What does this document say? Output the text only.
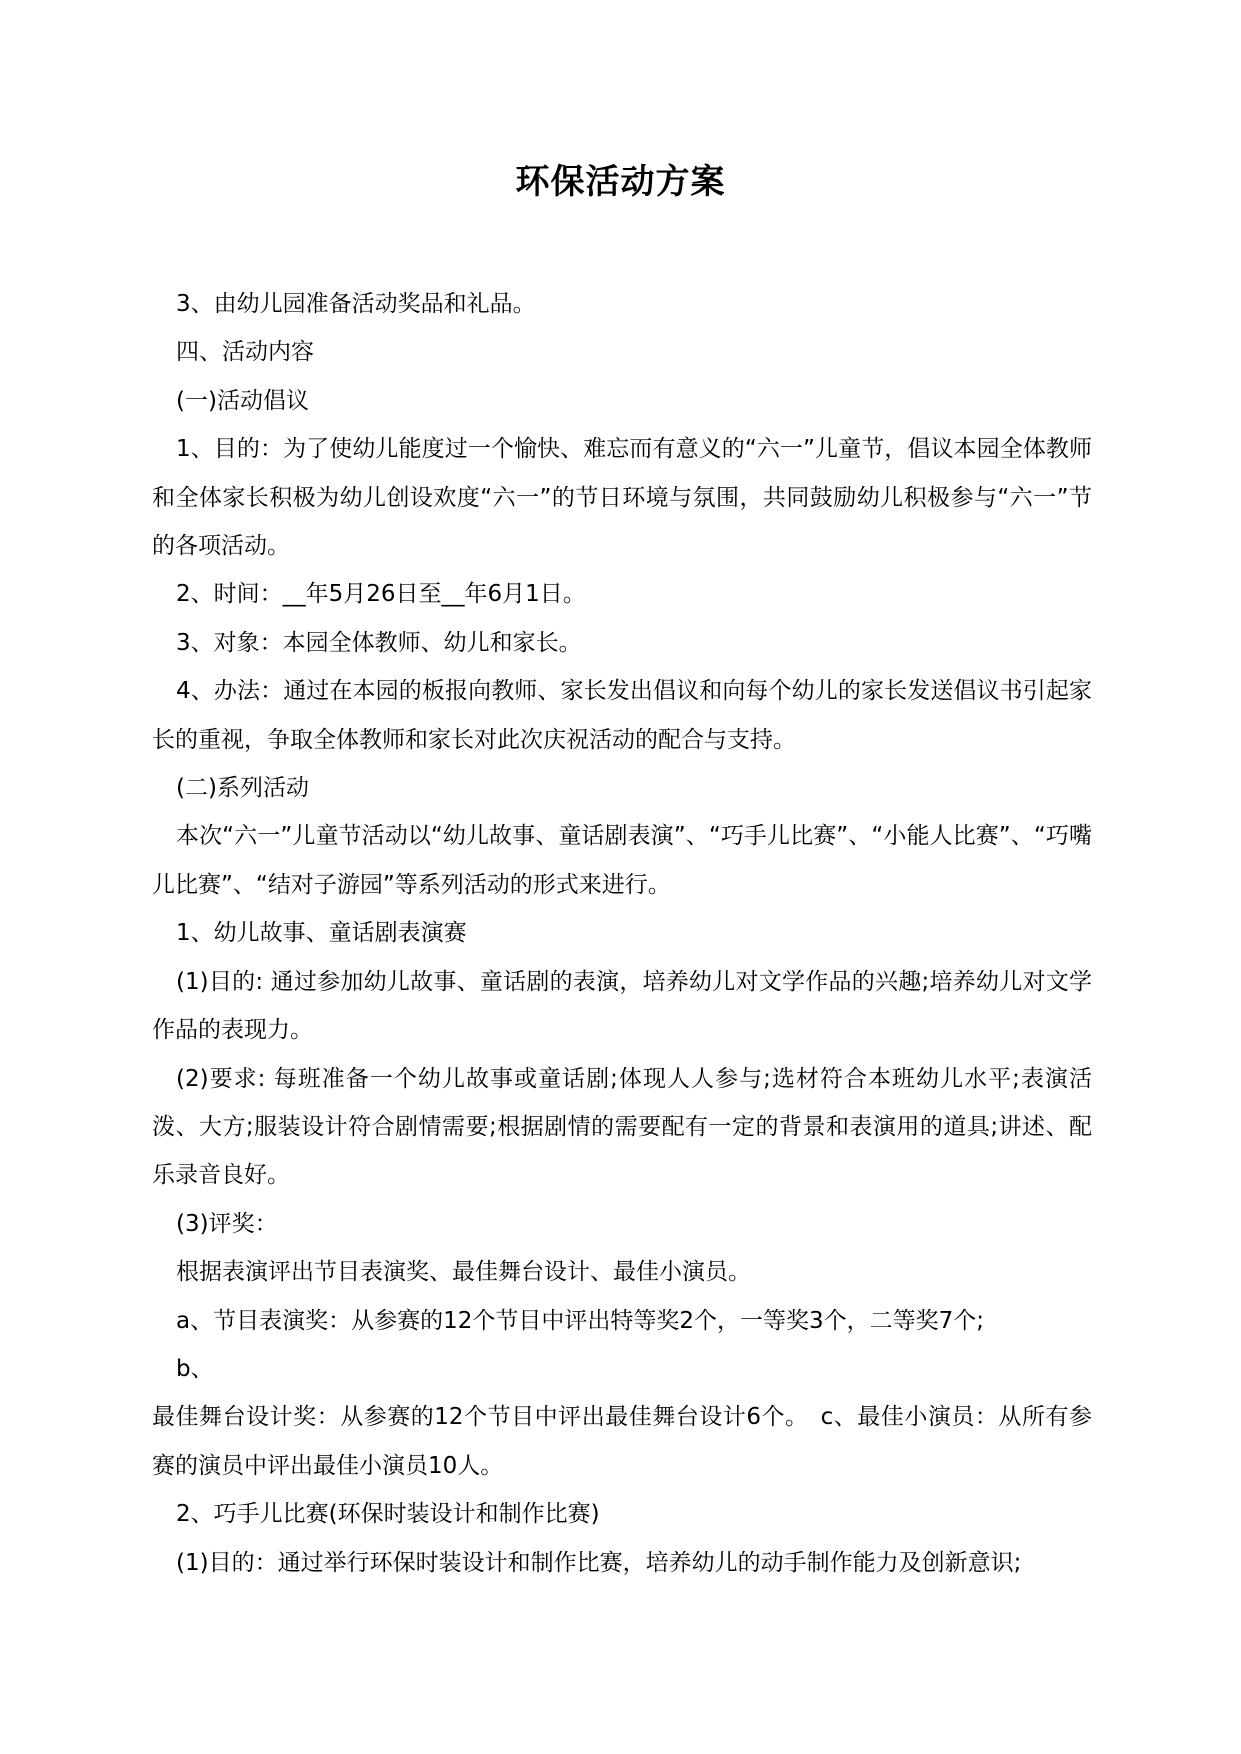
环保活动方案

3、由幼儿园准备活动奖品和礼品。

四、活动内容

(一)活动倡议

1、目的：为了使幼儿能度过一个愉快、难忘而有意义的“六一”儿童节，倡议本园全体教师和全体家长积极为幼儿创设欢度“六一”的节日环境与氛围，共同鼓励幼儿积极参与“六一”节的各项活动。

2、时间：__年5月26日至__年6月1日。

3、对象：本园全体教师、幼儿和家长。

4、办法：通过在本园的板报向教师、家长发出倡议和向每个幼儿的家长发送倡议书引起家长的重视，争取全体教师和家长对此次庆祝活动的配合与支持。

(二)系列活动

本次“六一”儿童节活动以“幼儿故事、童话剧表演”、“巧手儿比赛”、“小能人比赛”、“巧嘴儿比赛”、“结对子游园”等系列活动的形式来进行。

1、幼儿故事、童话剧表演赛

(1)目的: 通过参加幼儿故事、童话剧的表演，培养幼儿对文学作品的兴趣;培养幼儿对文学作品的表现力。

(2)要求: 每班准备一个幼儿故事或童话剧;体现人人参与;选材符合本班幼儿水平;表演活泼、大方;服装设计符合剧情需要;根据剧情的需要配有一定的背景和表演用的道具;讲述、配乐录音良好。

(3)评奖：

根据表演评出节目表演奖、最佳舞台设计、最佳小演员。

a、节目表演奖：从参赛的12个节目中评出特等奖2个，一等奖3个，二等奖7个;

b、

最佳舞台设计奖：从参赛的12个节目中评出最佳舞台设计6个。　c、最佳小演员：从所有参赛的演员中评出最佳小演员10人。

2、巧手儿比赛(环保时装设计和制作比赛)

(1)目的：通过举行环保时装设计和制作比赛，培养幼儿的动手制作能力及创新意识;
